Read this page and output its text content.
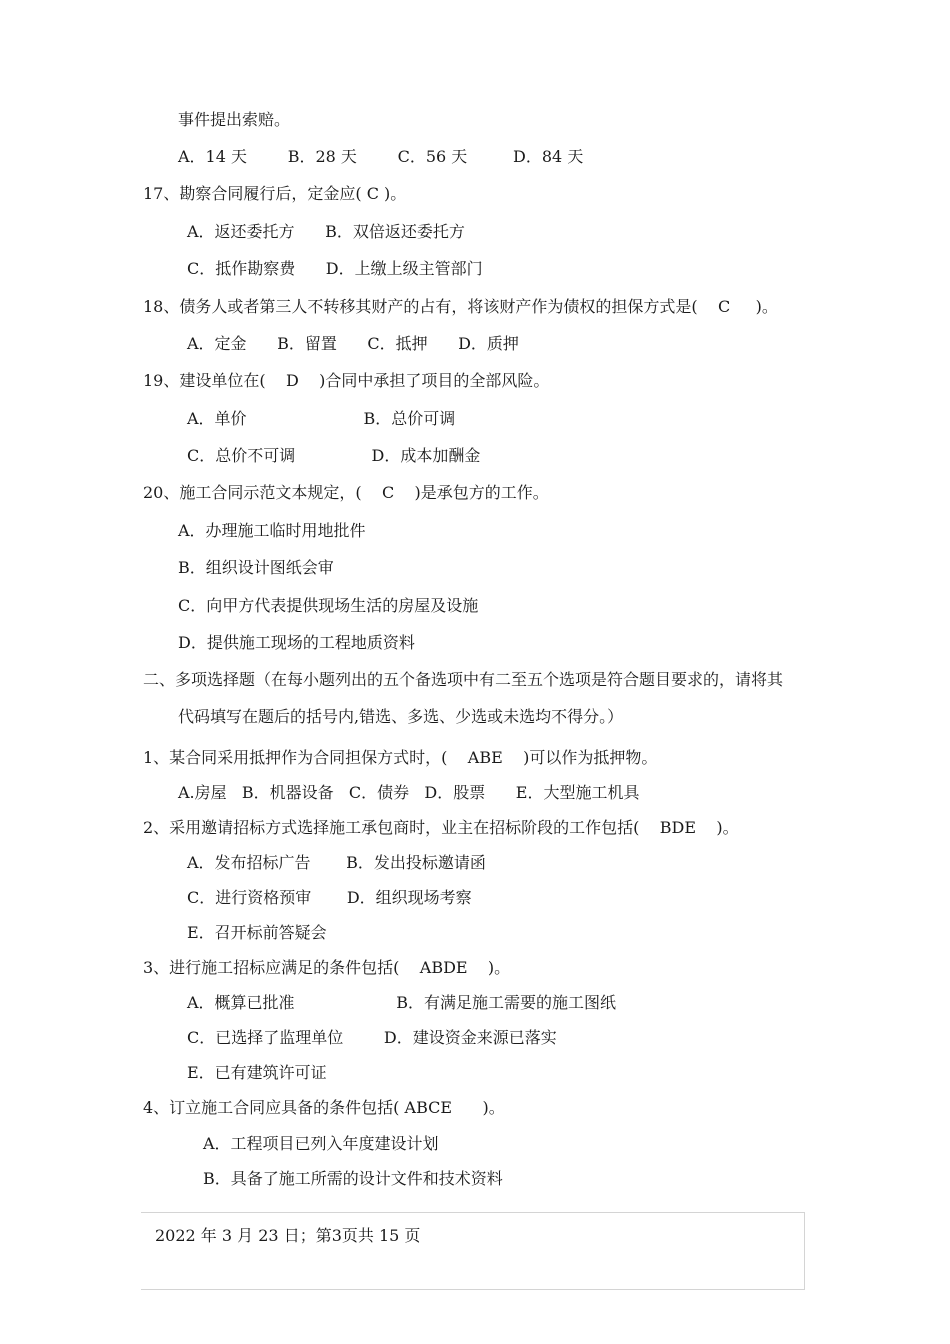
事件提出索赔。
A．14 天        B．28 天        C．56 天         D．84 天
17、勘察合同履行后，定金应( C )。
A．返还委托方      B．双倍返还委托方
C．抵作勘察费      D．上缴上级主管部门
18、债务人或者第三人不转移其财产的占有，将该财产作为债权的担保方式是(    C     )。
A．定金      B．留置      C．抵押      D．质押
19、建设单位在(    D    )合同中承担了项目的全部风险。
A．单价                       B．总价可调
C．总价不可调               D．成本加酬金
20、施工合同示范文本规定，(    C    )是承包方的工作。
A．办理施工临时用地批件
B．组织设计图纸会审
C．向甲方代表提供现场生活的房屋及设施
D．提供施工现场的工程地质资料
二、多项选择题（在每小题列出的五个备选项中有二至五个选项是符合题目要求的，请将其
代码填写在题后的括号内,错选、多选、少选或未选均不得分。）
1、某合同采用抵押作为合同担保方式时，(    ABE    )可以作为抵押物。
A.房屋   B．机器设备   C．债券   D．股票      E．大型施工机具
2、采用邀请招标方式选择施工承包商时，业主在招标阶段的工作包括(    BDE    )。
A．发布招标广告       B．发出投标邀请函
C．进行资格预审       D．组织现场考察
E．召开标前答疑会
3、进行施工招标应满足的条件包括(    ABDE    )。
A．概算已批准                    B．有满足施工需要的施工图纸
C．已选择了监理单位        D．建设资金来源已落实
E．已有建筑许可证
4、订立施工合同应具备的条件包括( ABCE      )。
A．工程项目已列入年度建设计划
B．具备了施工所需的设计文件和技术资料
2022 年 3 月 23 日；第3页共 15 页
